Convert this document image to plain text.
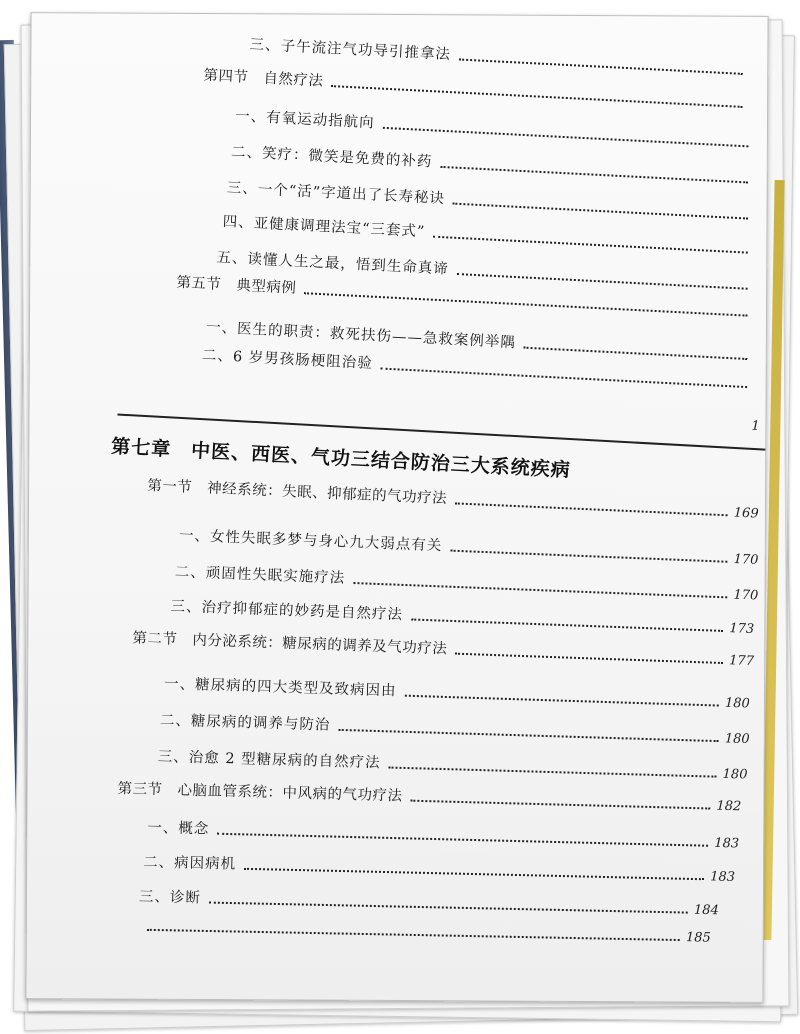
三、子午流注气功导引推拿法
第四节　自然疗法
一、有氧运动指航向
二、笑疗：微笑是免费的补药
三、一个“活”字道出了长寿秘诀
四、亚健康调理法宝“三套式”
五、读懂人生之最，悟到生命真谛
第五节　典型病例
一、医生的职责：救死扶伤——急救案例举隅
二、6 岁男孩肠梗阻治验
1
第七章　中医、西医、气功三结合防治三大系统疾病
第一节　神经系统：失眠、抑郁症的气功疗法
169
一、女性失眠多梦与身心九大弱点有关
170
二、顽固性失眠实施疗法
170
三、治疗抑郁症的妙药是自然疗法
173
第二节　内分泌系统：糖尿病的调养及气功疗法
177
一、糖尿病的四大类型及致病因由
180
二、糖尿病的调养与防治
180
三、治愈 2 型糖尿病的自然疗法
180
第三节　心脑血管系统：中风病的气功疗法
182
一、概念
183
二、病因病机
183
三、诊断
184
185
